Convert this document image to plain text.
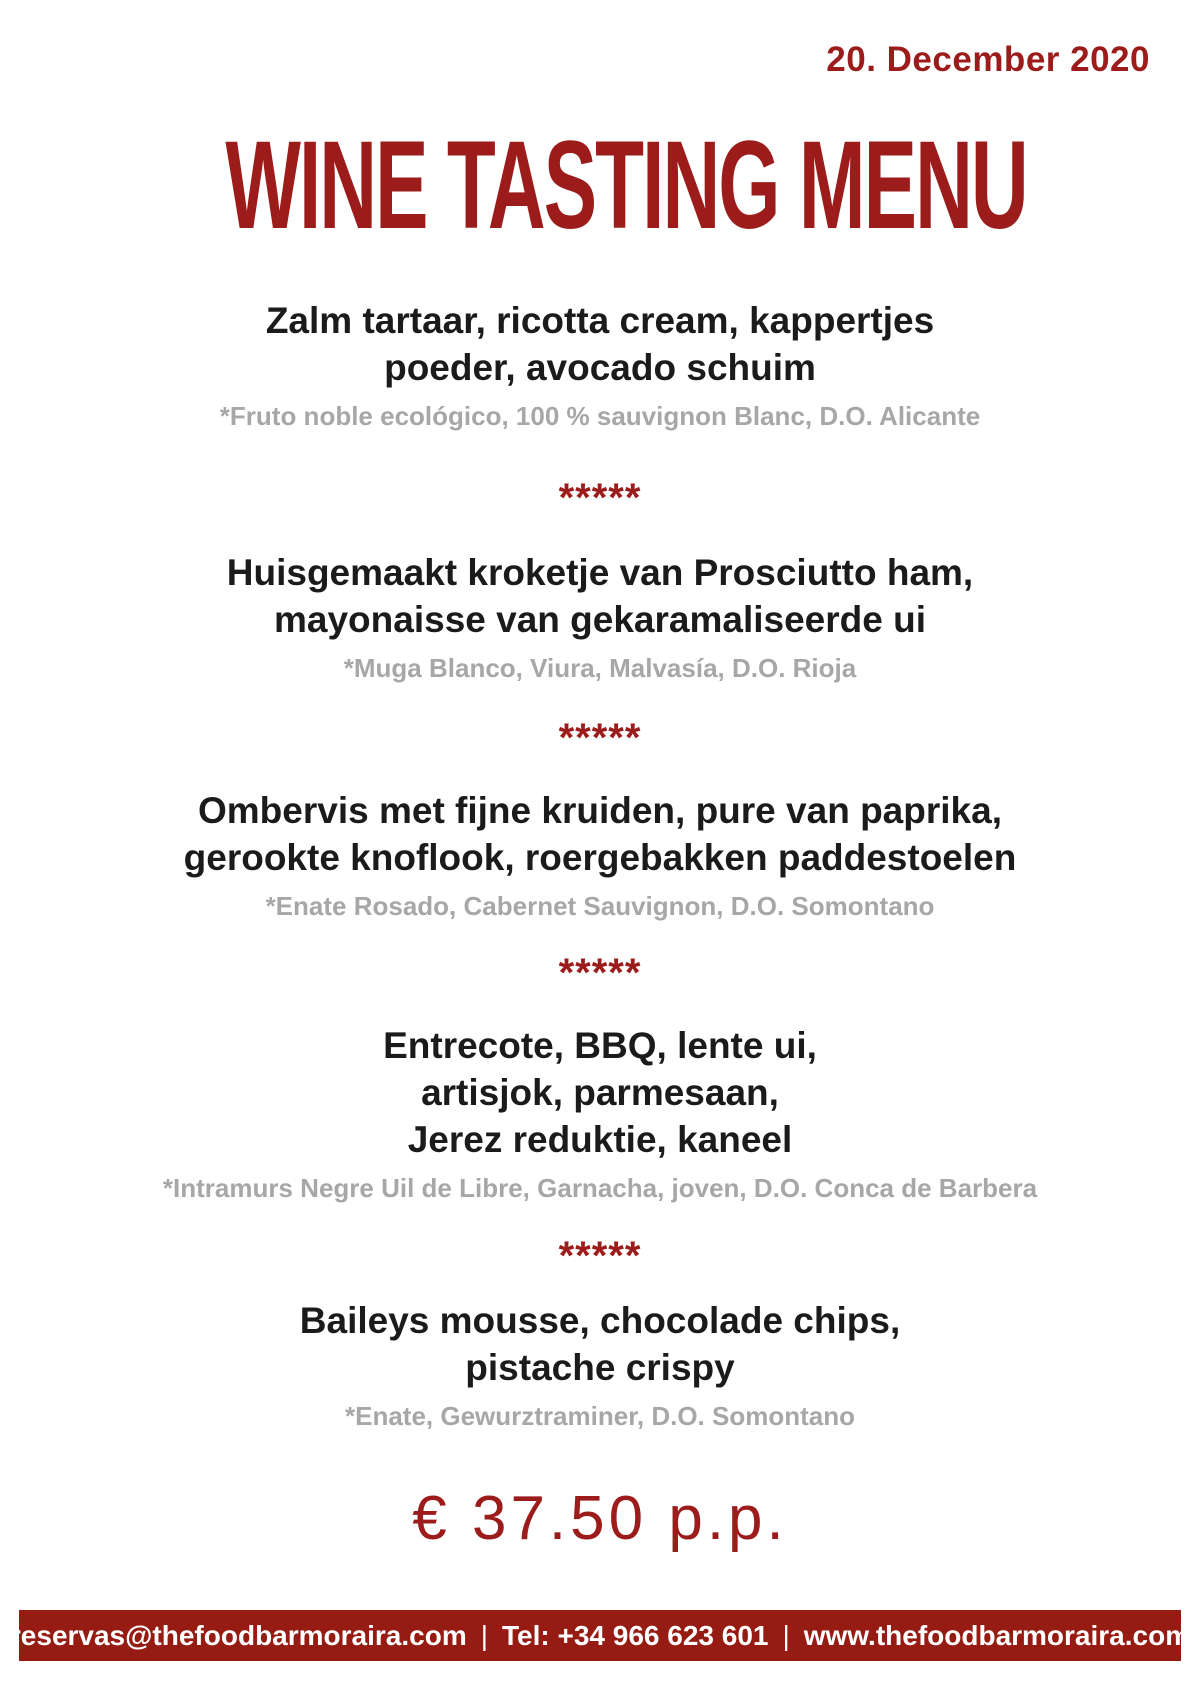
20. December 2020
WINE TASTING MENU
Zalm tartaar, ricotta cream, kappertjes
poeder, avocado schuim
*Fruto noble ecológico, 100 % sauvignon Blanc, D.O. Alicante
*****
Huisgemaakt kroketje van Prosciutto ham,
mayonaisse van gekaramaliseerde ui
*Muga Blanco, Viura, Malvasía, D.O. Rioja
*****
Ombervis met fijne kruiden, pure van paprika,
gerookte knoflook, roergebakken paddestoelen
*Enate Rosado, Cabernet Sauvignon, D.O. Somontano
*****
Entrecote, BBQ, lente ui,
artisjok, parmesaan,
Jerez reduktie, kaneel
*Intramurs Negre Uil de Libre, Garnacha, joven, D.O. Conca de Barbera
*****
Baileys mousse, chocolade chips,
pistache crispy
*Enate, Gewurztraminer, D.O. Somontano
€ 37.50 p.p.
reservas@thefoodbarmoraira.com | Tel: +34 966 623 601 | www.thefoodbarmoraira.com
